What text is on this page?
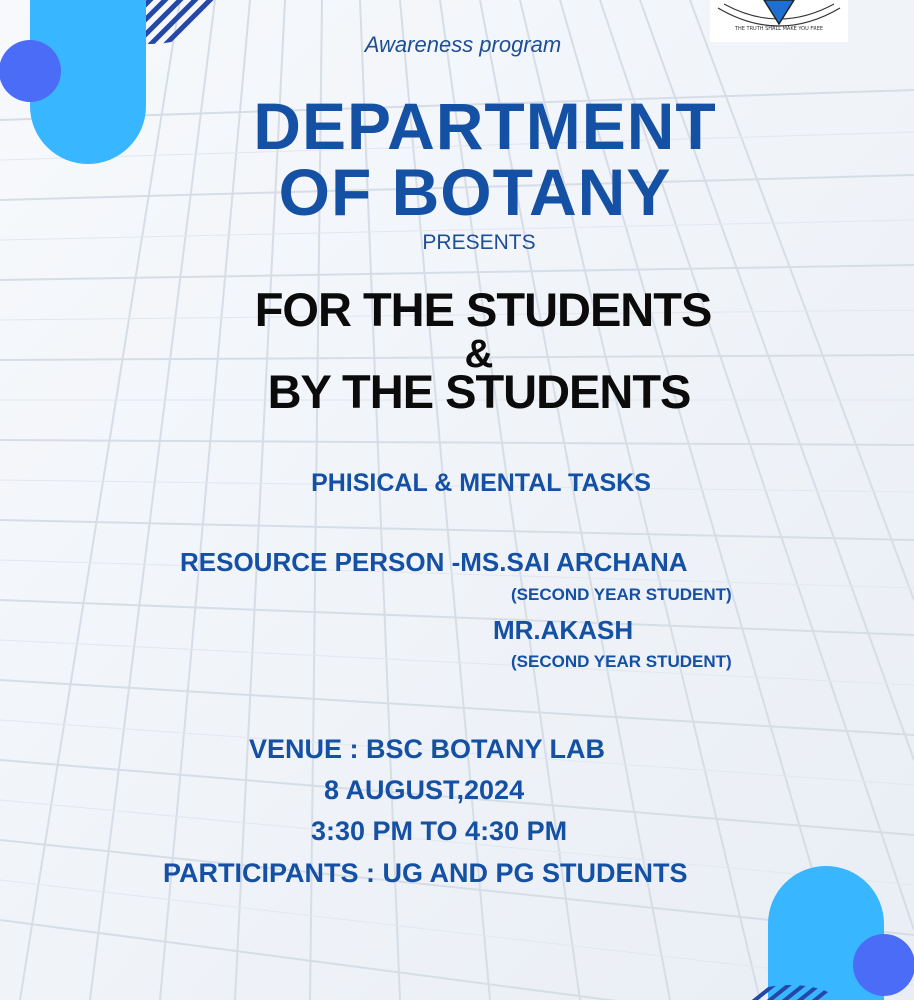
THE TRUTH SHALL MAKE YOU FREE
Awareness program
DEPARTMENT
OF BOTANY
PRESENTS
FOR THE STUDENTS
&
BY THE STUDENTS
PHISICAL & MENTAL TASKS
RESOURCE PERSON -MS.SAI ARCHANA
(SECOND YEAR STUDENT)
MR.AKASH
(SECOND YEAR STUDENT)
VENUE : BSC BOTANY LAB
8 AUGUST,2024
3:30 PM TO 4:30 PM
PARTICIPANTS : UG AND PG STUDENTS
